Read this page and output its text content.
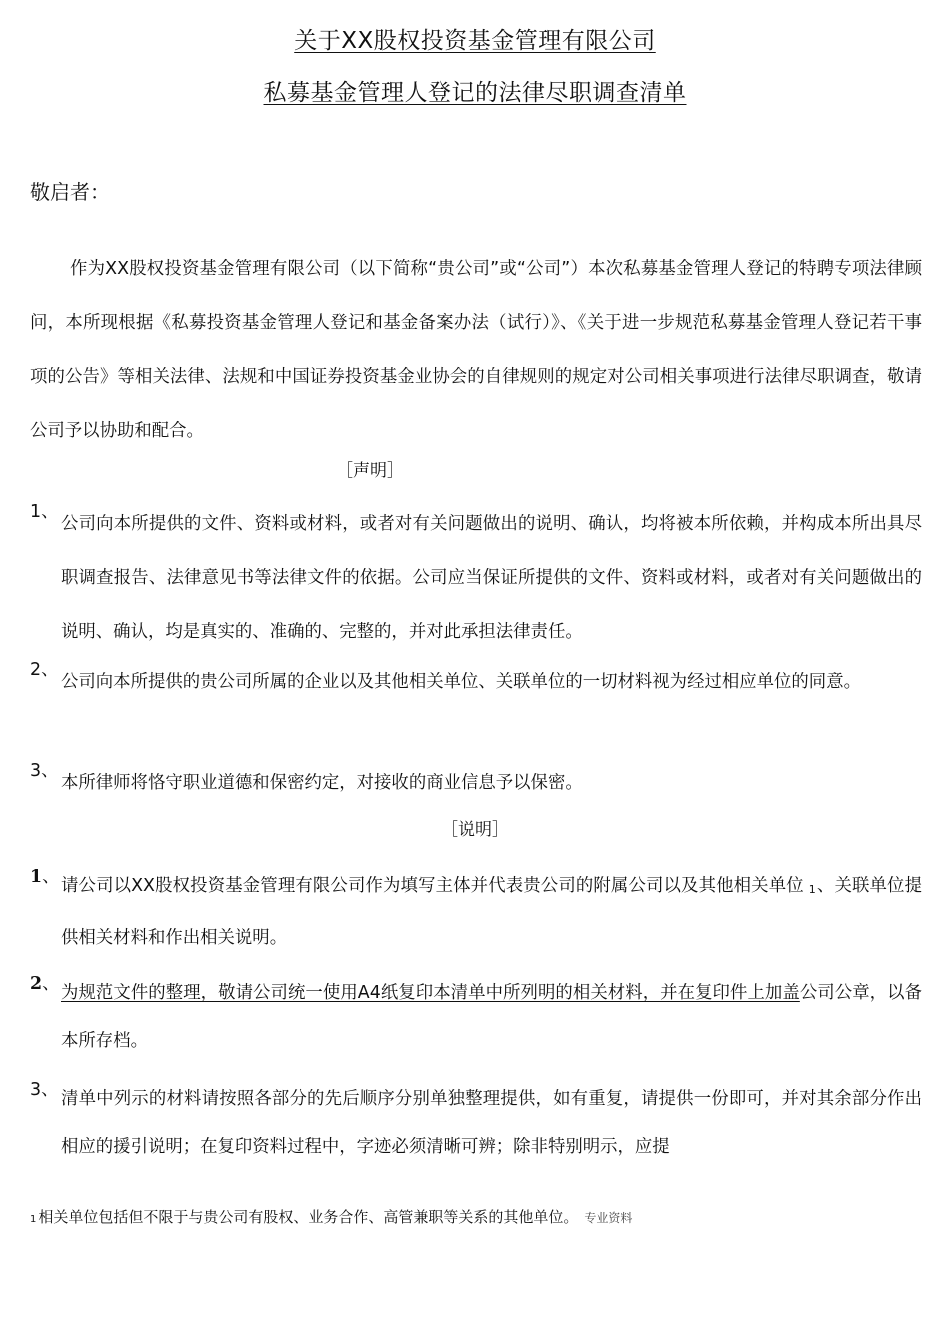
关于XX股权投资基金管理有限公司
私募基金管理人登记的法律尽职调查清单
敬启者：
作为XX股权投资基金管理有限公司（以下简称“贵公司”或“公司”）本次私募基金管理人登记的特聘专项法律顾问，本所现根据《私募投资基金管理人登记和基金备案办法（试行）》、《关于进一步规范私募基金管理人登记若干事项的公告》等相关法律、法规和中国证券投资基金业协会的自律规则的规定对公司相关事项进行法律尽职调查，敬请公司予以协助和配合。
［声明］
1、
公司向本所提供的文件、资料或材料，或者对有关问题做出的说明、确认，均将被本所依赖，并构成本所出具尽职调查报告、法律意见书等法律文件的依据。公司应当保证所提供的文件、资料或材料，或者对有关问题做出的说明、确认，均是真实的、准确的、完整的，并对此承担法律责任。
2、
公司向本所提供的贵公司所属的企业以及其他相关单位、关联单位的一切材料视为经过相应单位的同意。
3、
本所律师将恪守职业道德和保密约定，对接收的商业信息予以保密。
［说明］
1、 请公司以XX股权投资基金管理有限公司作为填写主体并代表贵公司的附属公司以及其他相关单位 1、关联单位提供相关材料和作出相关说明。
2、 为规范文件的整理，敬请公司统一使用A4纸复印本清单中所列明的相关材料，并在复印件上加盖公司公章，以备本所存档。
3、 清单中列示的材料请按照各部分的先后顺序分别单独整理提供，如有重复，请提供一份即可，并对其余部分作出相应的援引说明；在复印资料过程中，字迹必须清晰可辨；除非特别明示，应提
1 相关单位包括但不限于与贵公司有股权、业务合作、高管兼职等关系的其他单位。 专业资料
